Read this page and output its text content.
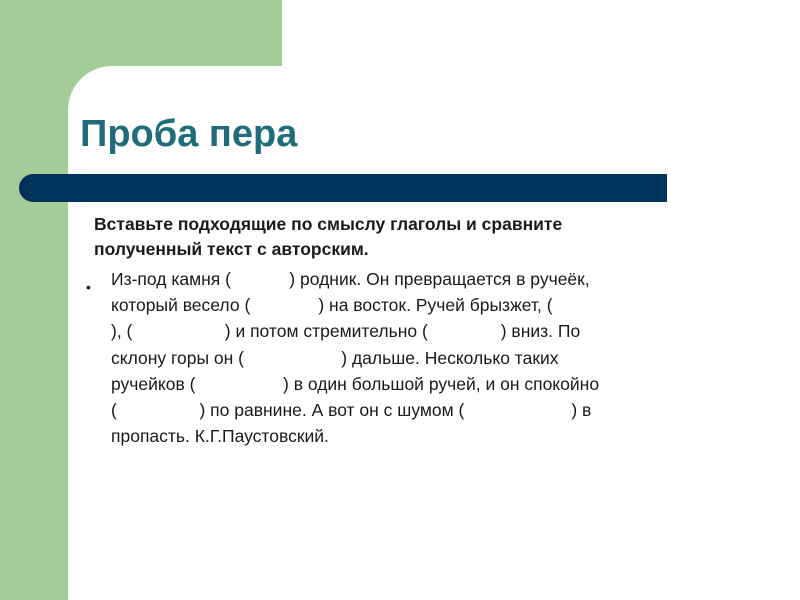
Проба пера

Вставьте подходящие по смыслу глаголы и сравните
полученный текст с авторским.

• Из-под камня (            ) родник. Он превращается в ручеёк,
который весело (              ) на восток. Ручей брызжет, (
), (                   ) и потом стремительно (               ) вниз. По
склону горы он (                    ) дальше. Несколько таких
ручейков (                  ) в один большой ручей, и он спокойно
(                 ) по равнине. А вот он с шумом (                      ) в
пропасть. К.Г.Паустовский.
